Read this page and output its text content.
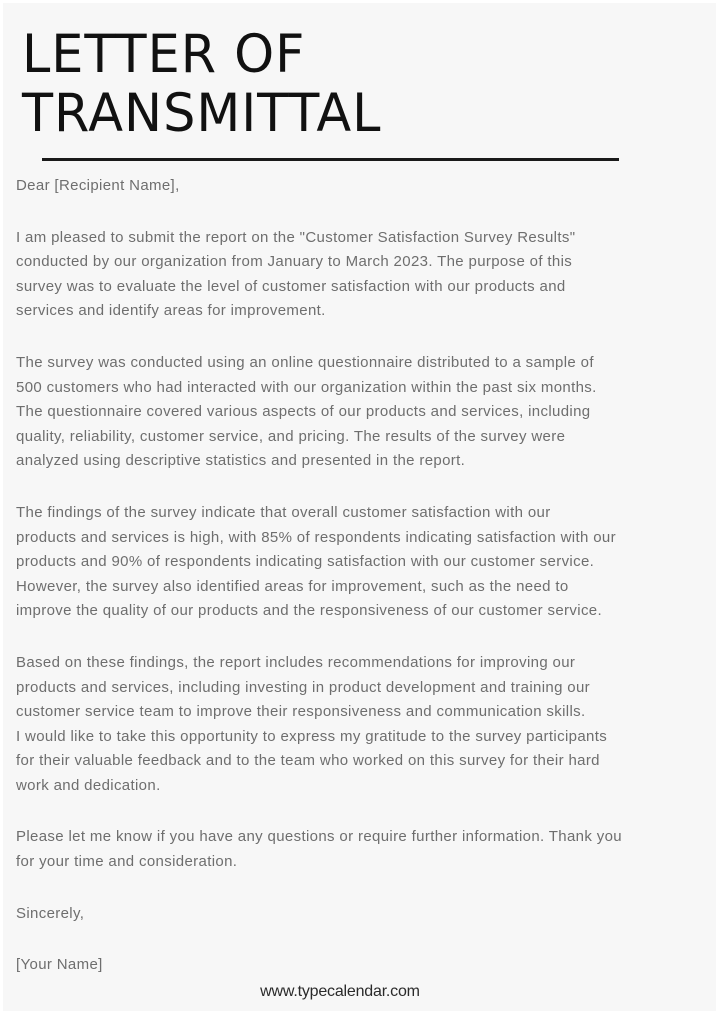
LETTER OF
TRANSMITTAL

Dear [Recipient Name],

I am pleased to submit the report on the "Customer Satisfaction Survey Results"
conducted by our organization from January to March 2023. The purpose of this
survey was to evaluate the level of customer satisfaction with our products and
services and identify areas for improvement.

The survey was conducted using an online questionnaire distributed to a sample of
500 customers who had interacted with our organization within the past six months.
The questionnaire covered various aspects of our products and services, including
quality, reliability, customer service, and pricing. The results of the survey were
analyzed using descriptive statistics and presented in the report.

The findings of the survey indicate that overall customer satisfaction with our
products and services is high, with 85% of respondents indicating satisfaction with our
products and 90% of respondents indicating satisfaction with our customer service.
However, the survey also identified areas for improvement, such as the need to
improve the quality of our products and the responsiveness of our customer service.

Based on these findings, the report includes recommendations for improving our
products and services, including investing in product development and training our
customer service team to improve their responsiveness and communication skills.
I would like to take this opportunity to express my gratitude to the survey participants
for their valuable feedback and to the team who worked on this survey for their hard
work and dedication.

Please let me know if you have any questions or require further information. Thank you
for your time and consideration.

Sincerely,

[Your Name]

www.typecalendar.com
